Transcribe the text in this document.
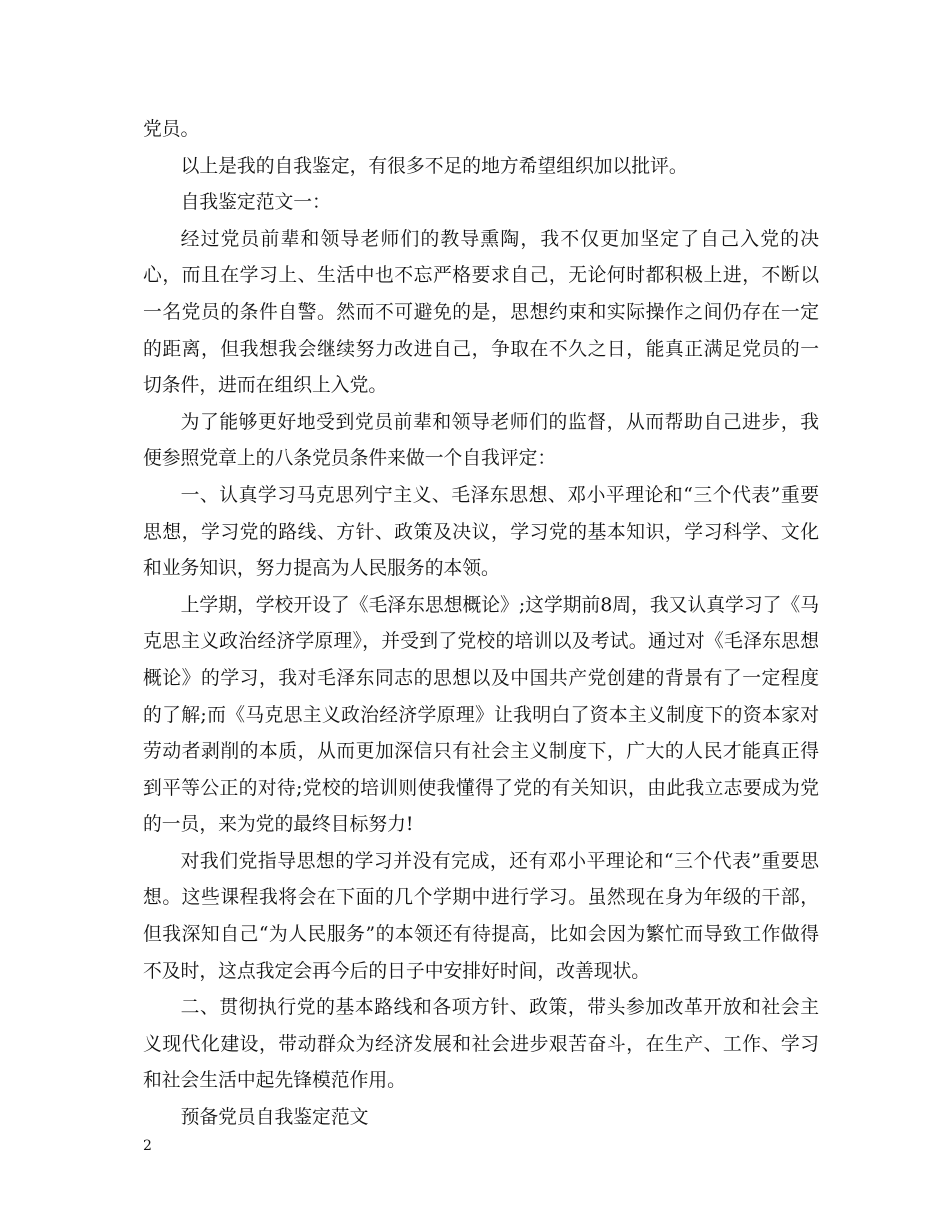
党员。

以上是我的自我鉴定，有很多不足的地方希望组织加以批评。

自我鉴定范文一：

经过党员前辈和领导老师们的教导熏陶，我不仅更加坚定了自己入党的决心，而且在学习上、生活中也不忘严格要求自己，无论何时都积极上进，不断以一名党员的条件自警。然而不可避免的是，思想约束和实际操作之间仍存在一定的距离，但我想我会继续努力改进自己，争取在不久之日，能真正满足党员的一切条件，进而在组织上入党。

为了能够更好地受到党员前辈和领导老师们的监督，从而帮助自己进步，我便参照党章上的八条党员条件来做一个自我评定：

一、认真学习马克思列宁主义、毛泽东思想、邓小平理论和“三个代表”重要思想，学习党的路线、方针、政策及决议，学习党的基本知识，学习科学、文化和业务知识，努力提高为人民服务的本领。

上学期，学校开设了《毛泽东思想概论》;这学期前8周，我又认真学习了《马克思主义政治经济学原理》，并受到了党校的培训以及考试。通过对《毛泽东思想概论》的学习，我对毛泽东同志的思想以及中国共产党创建的背景有了一定程度的了解;而《马克思主义政治经济学原理》让我明白了资本主义制度下的资本家对劳动者剥削的本质，从而更加深信只有社会主义制度下，广大的人民才能真正得到平等公正的对待;党校的培训则使我懂得了党的有关知识，由此我立志要成为党的一员，来为党的最终目标努力!

对我们党指导思想的学习并没有完成，还有邓小平理论和“三个代表”重要思想。这些课程我将会在下面的几个学期中进行学习。虽然现在身为年级的干部，但我深知自己“为人民服务”的本领还有待提高，比如会因为繁忙而导致工作做得不及时，这点我定会再今后的日子中安排好时间，改善现状。

二、贯彻执行党的基本路线和各项方针、政策，带头参加改革开放和社会主义现代化建设，带动群众为经济发展和社会进步艰苦奋斗，在生产、工作、学习和社会生活中起先锋模范作用。

预备党员自我鉴定范文

2
